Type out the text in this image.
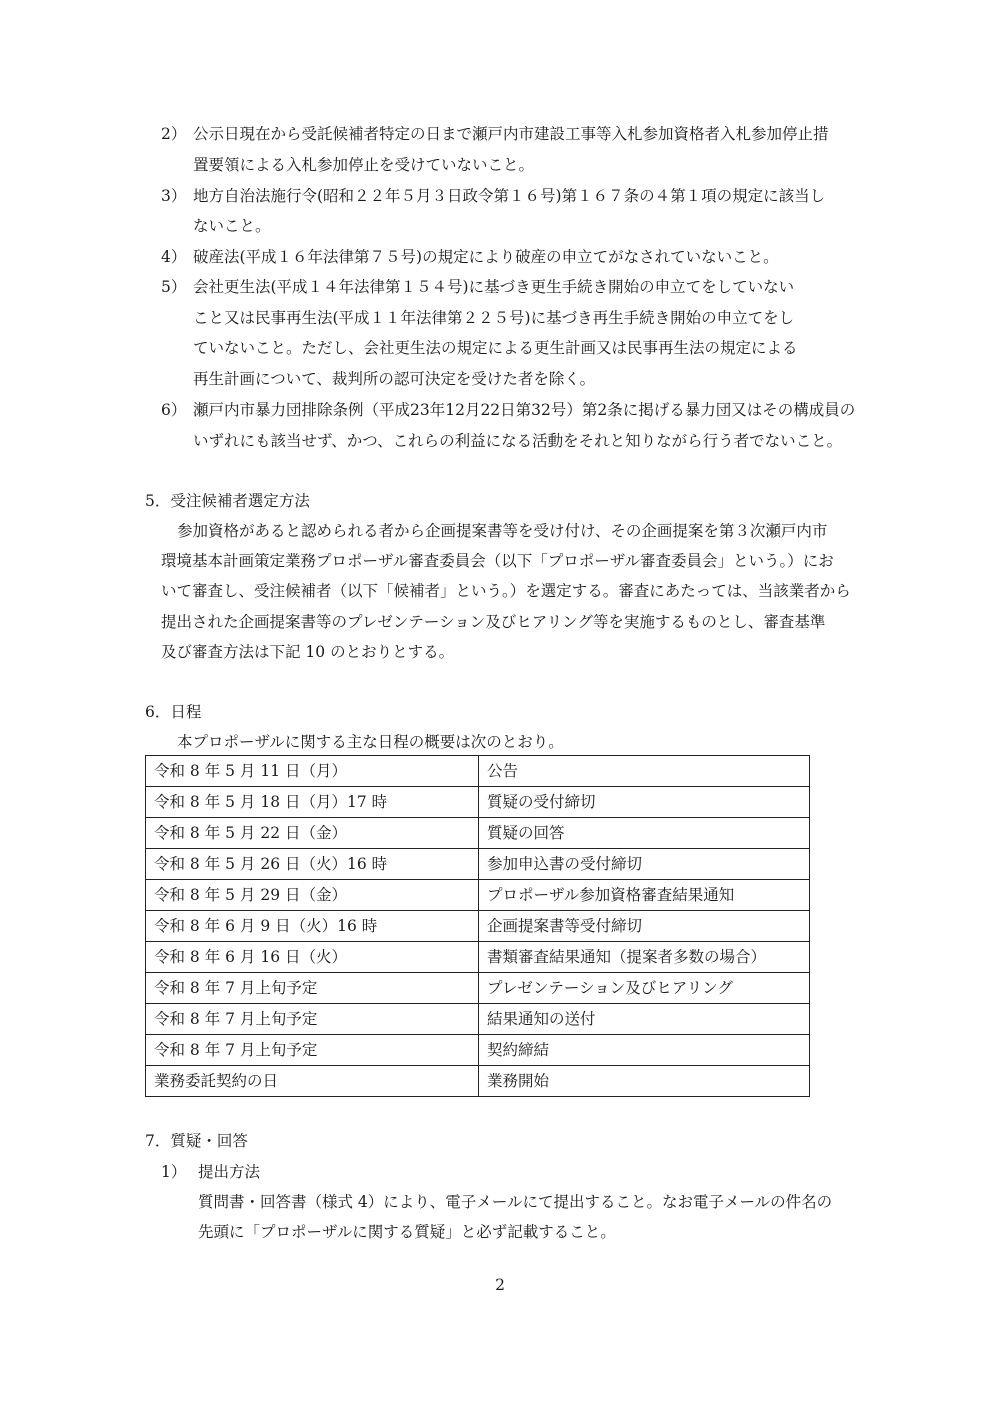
2） 公示日現在から受託候補者特定の日まで瀬戸内市建設工事等入札参加資格者入札参加停止措
置要領による入札参加停止を受けていないこと。
3） 地方自治法施行令(昭和２２年５月３日政令第１６号)第１６７条の４第１項の規定に該当し
ないこと。
4） 破産法(平成１６年法律第７５号)の規定により破産の申立てがなされていないこと。
5） 会社更生法(平成１４年法律第１５４号)に基づき更生手続き開始の申立てをしていない
こと又は民事再生法(平成１１年法律第２２５号)に基づき再生手続き開始の申立てをし
ていないこと。ただし、会社更生法の規定による更生計画又は民事再生法の規定による
再生計画について、裁判所の認可決定を受けた者を除く。
6） 瀬戸内市暴力団排除条例（平成23年12月22日第32号）第2条に掲げる暴力団又はその構成員の
いずれにも該当せず、かつ、これらの利益になる活動をそれと知りながら行う者でないこと。
5．受注候補者選定方法
参加資格があると認められる者から企画提案書等を受け付け、その企画提案を第３次瀬戸内市
環境基本計画策定業務プロポーザル審査委員会（以下「プロポーザル審査委員会」という。）にお
いて審査し、受注候補者（以下「候補者」という。）を選定する。審査にあたっては、当該業者から
提出された企画提案書等のプレゼンテーション及びヒアリング等を実施するものとし、審査基準
及び審査方法は下記 10 のとおりとする。
6．日程
本プロポーザルに関する主な日程の概要は次のとおり。
令和 8 年 5 月 11 日（月）	公告
令和 8 年 5 月 18 日（月）17 時	質疑の受付締切
令和 8 年 5 月 22 日（金）	質疑の回答
令和 8 年 5 月 26 日（火）16 時	参加申込書の受付締切
令和 8 年 5 月 29 日（金）	プロポーザル参加資格審査結果通知
令和 8 年 6 月 9 日（火）16 時	企画提案書等受付締切
令和 8 年 6 月 16 日（火）	書類審査結果通知（提案者多数の場合）
令和 8 年 7 月上旬予定	プレゼンテーション及びヒアリング
令和 8 年 7 月上旬予定	結果通知の送付
令和 8 年 7 月上旬予定	契約締結
業務委託契約の日	業務開始
7．質疑・回答
1） 提出方法
質問書・回答書（様式 4）により、電子メールにて提出すること。なお電子メールの件名の
先頭に「プロポーザルに関する質疑」と必ず記載すること。
2
